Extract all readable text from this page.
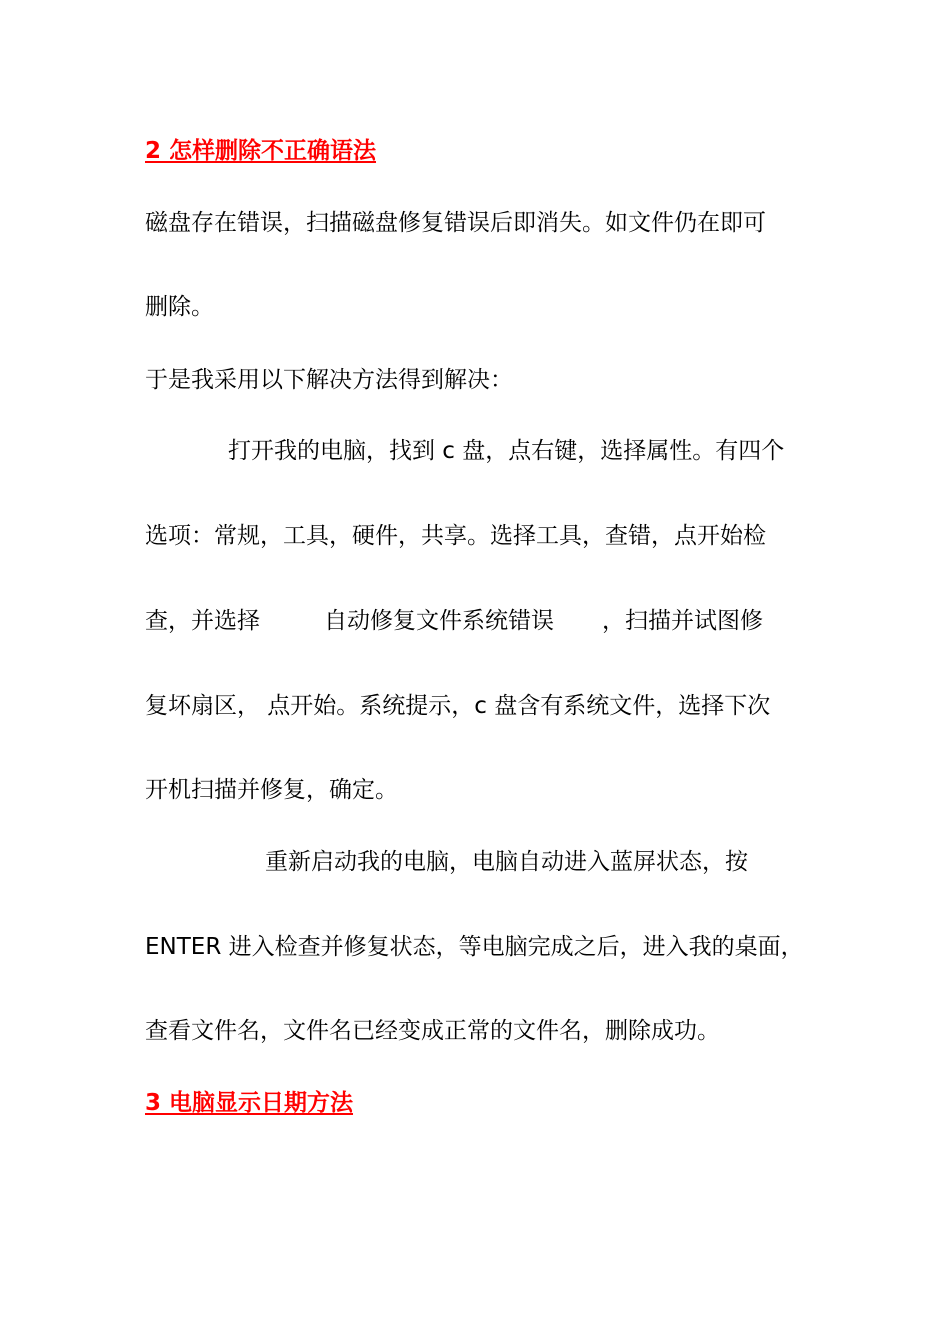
2 怎样删除不正确语法
磁盘存在错误，扫描磁盘修复错误后即消失。如文件仍在即可
删除。
于是我采用以下解决方法得到解决：
打开我的电脑，找到 c 盘，点右键，选择属性。有四个
选项：常规，工具，硬件，共享。选择工具，查错，点开始检
查，并选择	自动修复文件系统错误 ，扫描并试图修
复坏扇区， 点开始。系统提示，c 盘含有系统文件，选择下次
开机扫描并修复，确定。
重新启动我的电脑，电脑自动进入蓝屏状态，按
ENTER 进入检查并修复状态，等电脑完成之后，进入我的桌面，
查看文件名，文件名已经变成正常的文件名，删除成功。
3 电脑显示日期方法
